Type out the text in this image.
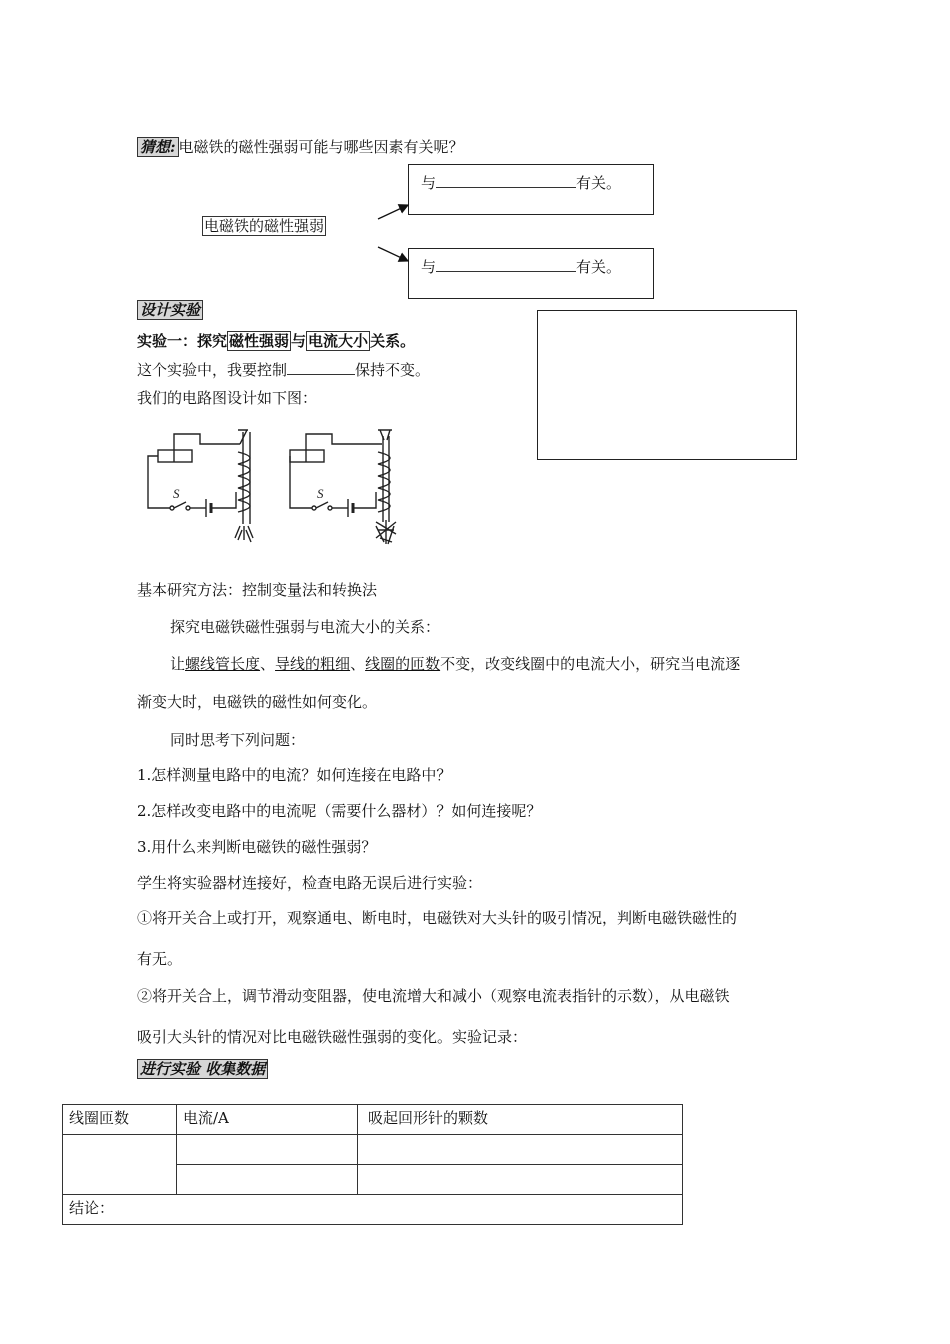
猜想: 电磁铁的磁性强弱可能与哪些因素有关呢？
与	有关。
与	有关。
电磁铁的磁性强弱
设计实验
实验一：探究 磁性强弱 与 电流大小 关系。
这个实验中，我要控制	保持不变。
我们的电路图设计如下图：
S	S
基本研究方法：控制变量法和转换法
探究电磁铁磁性强弱与电流大小的关系：
让螺线管长度、导线的粗细、线圈的匝数不变，改变线圈中的电流大小，研究当电流逐
渐变大时，电磁铁的磁性如何变化。
同时思考下列问题：
1.怎样测量电路中的电流？如何连接在电路中？
2.怎样改变电路中的电流呢（需要什么器材）？如何连接呢？
3.用什么来判断电磁铁的磁性强弱？
学生将实验器材连接好，检查电路无误后进行实验：
①将开关合上或打开，观察通电、断电时，电磁铁对大头针的吸引情况，判断电磁铁磁性的
有无。
②将开关合上，调节滑动变阻器，使电流增大和减小（观察电流表指针的示数），从电磁铁
吸引大头针的情况对比电磁铁磁性强弱的变化。实验记录：
进行实验 收集数据
线圈匝数	电流/A	吸起回形针的颗数

结论：		
